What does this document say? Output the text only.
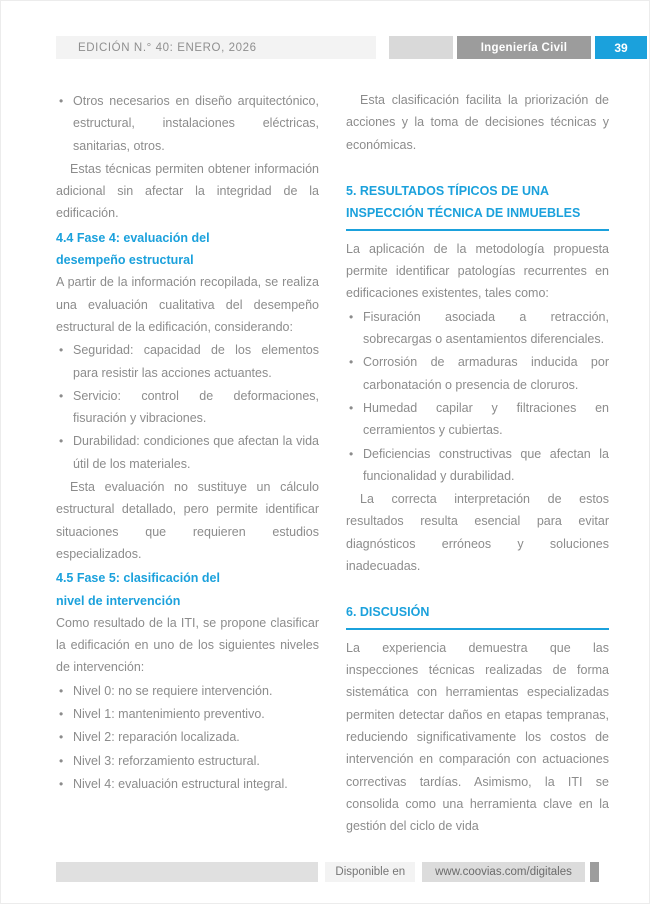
EDICIÓN N.° 40: ENERO, 2026	Ingeniería Civil	39
• Otros necesarios en diseño arquitectónico, estructural, instalaciones eléctricas, sanitarias, otros.

Estas técnicas permiten obtener información adicional sin afectar la integridad de la edificación.

4.4 Fase 4: evaluación del
desempeño estructural

A partir de la información recopilada, se realiza una evaluación cualitativa del desempeño estructural de la edificación, considerando:

• Seguridad: capacidad de los elementos para resistir las acciones actuantes.
• Servicio: control de deformaciones, fisuración y vibraciones.
• Durabilidad: condiciones que afectan la vida útil de los materiales.

Esta evaluación no sustituye un cálculo estructural detallado, pero permite identificar situaciones que requieren estudios especializados.

4.5 Fase 5: clasificación del
nivel de intervención

Como resultado de la ITI, se propone clasificar la edificación en uno de los siguientes niveles de intervención:

• Nivel 0: no se requiere intervención.
• Nivel 1: mantenimiento preventivo.
• Nivel 2: reparación localizada.
• Nivel 3: reforzamiento estructural.
• Nivel 4: evaluación estructural integral.

Esta clasificación facilita la priorización de acciones y la toma de decisiones técnicas y económicas.

5. RESULTADOS TÍPICOS DE UNA
INSPECCIÓN TÉCNICA DE INMUEBLES

La aplicación de la metodología propuesta permite identificar patologías recurrentes en edificaciones existentes, tales como:

• Fisuración asociada a retracción, sobrecargas o asentamientos diferenciales.
• Corrosión de armaduras inducida por carbonatación o presencia de cloruros.
• Humedad capilar y filtraciones en cerramientos y cubiertas.
• Deficiencias constructivas que afectan la funcionalidad y durabilidad.

La correcta interpretación de estos resultados resulta esencial para evitar diagnósticos erróneos y soluciones inadecuadas.

6. DISCUSIÓN

La experiencia demuestra que las inspecciones técnicas realizadas de forma sistemática con herramientas especializadas permiten detectar daños en etapas tempranas, reduciendo significativamente los costos de intervención en comparación con actuaciones correctivas tardías. Asimismo, la ITI se consolida como una herramienta clave en la gestión del ciclo de vida

Disponible en	www.coovias.com/digitales
